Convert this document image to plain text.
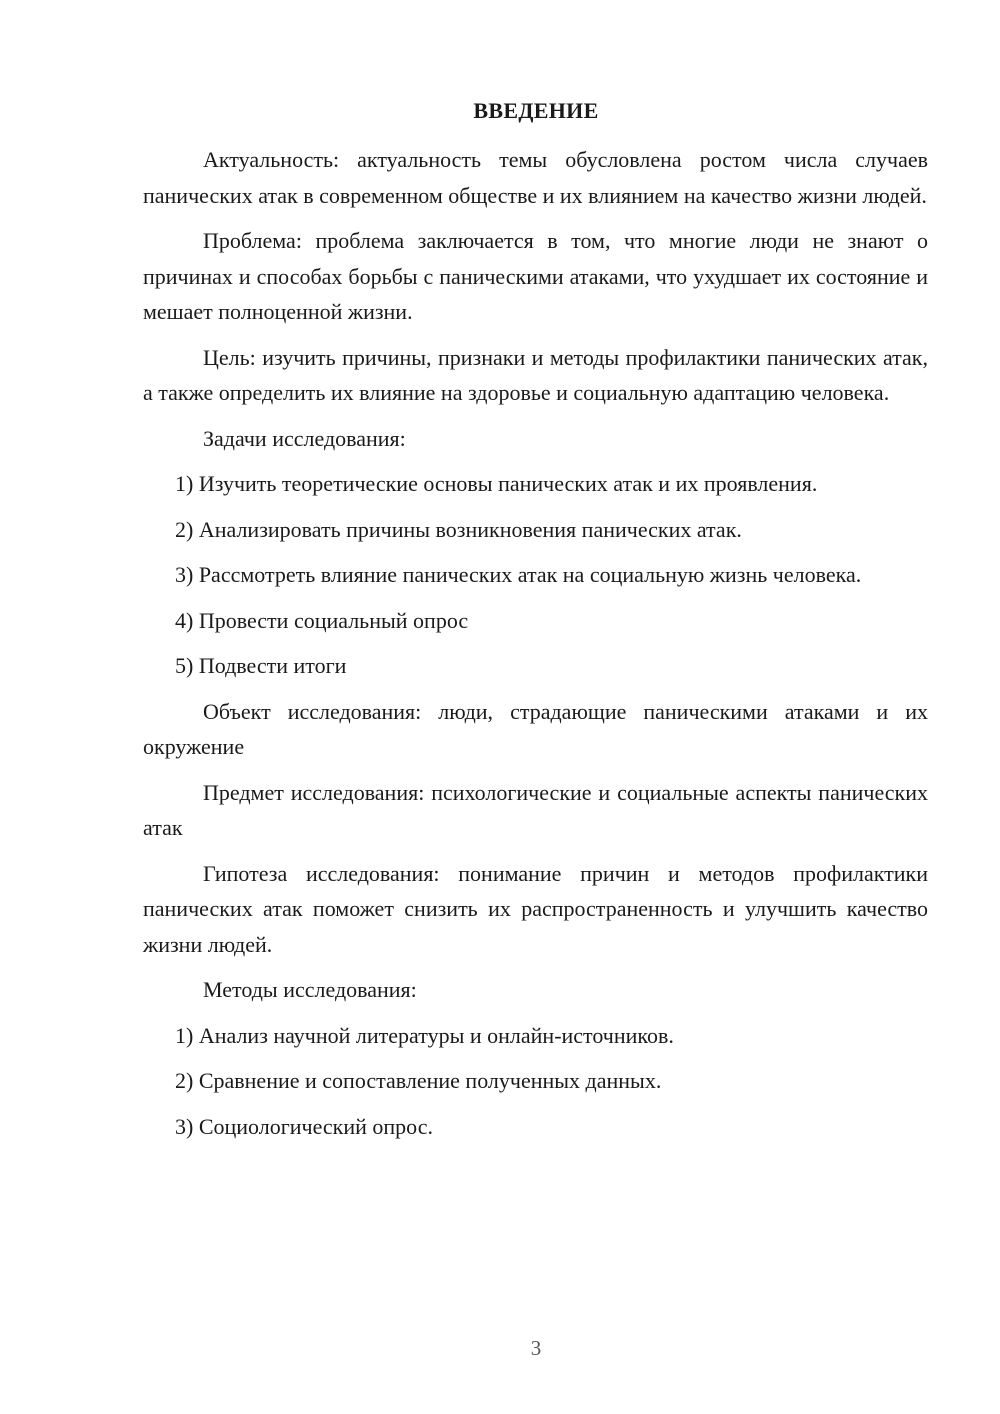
ВВЕДЕНИЕ

Актуальность: актуальность темы обусловлена ростом числа случаев панических атак в современном обществе и их влиянием на качество жизни людей.

Проблема: проблема заключается в том, что многие люди не знают о причинах и способах борьбы с паническими атаками, что ухудшает их состояние и мешает полноценной жизни.

Цель: изучить причины, признаки и методы профилактики панических атак, а также определить их влияние на здоровье и социальную адаптацию человека.

Задачи исследования:

1) Изучить теоретические основы панических атак и их проявления.

2) Анализировать причины возникновения панических атак.

3) Рассмотреть влияние панических атак на социальную жизнь человека.

4) Провести социальный опрос

5) Подвести итоги

Объект исследования: люди, страдающие паническими атаками и их окружение

Предмет исследования: психологические и социальные аспекты панических атак

Гипотеза исследования: понимание причин и методов профилактики панических атак поможет снизить их распространенность и улучшить качество жизни людей.

Методы исследования:

1) Анализ научной литературы и онлайн-источников.

2) Сравнение и сопоставление полученных данных.

3) Социологический опрос.

3
